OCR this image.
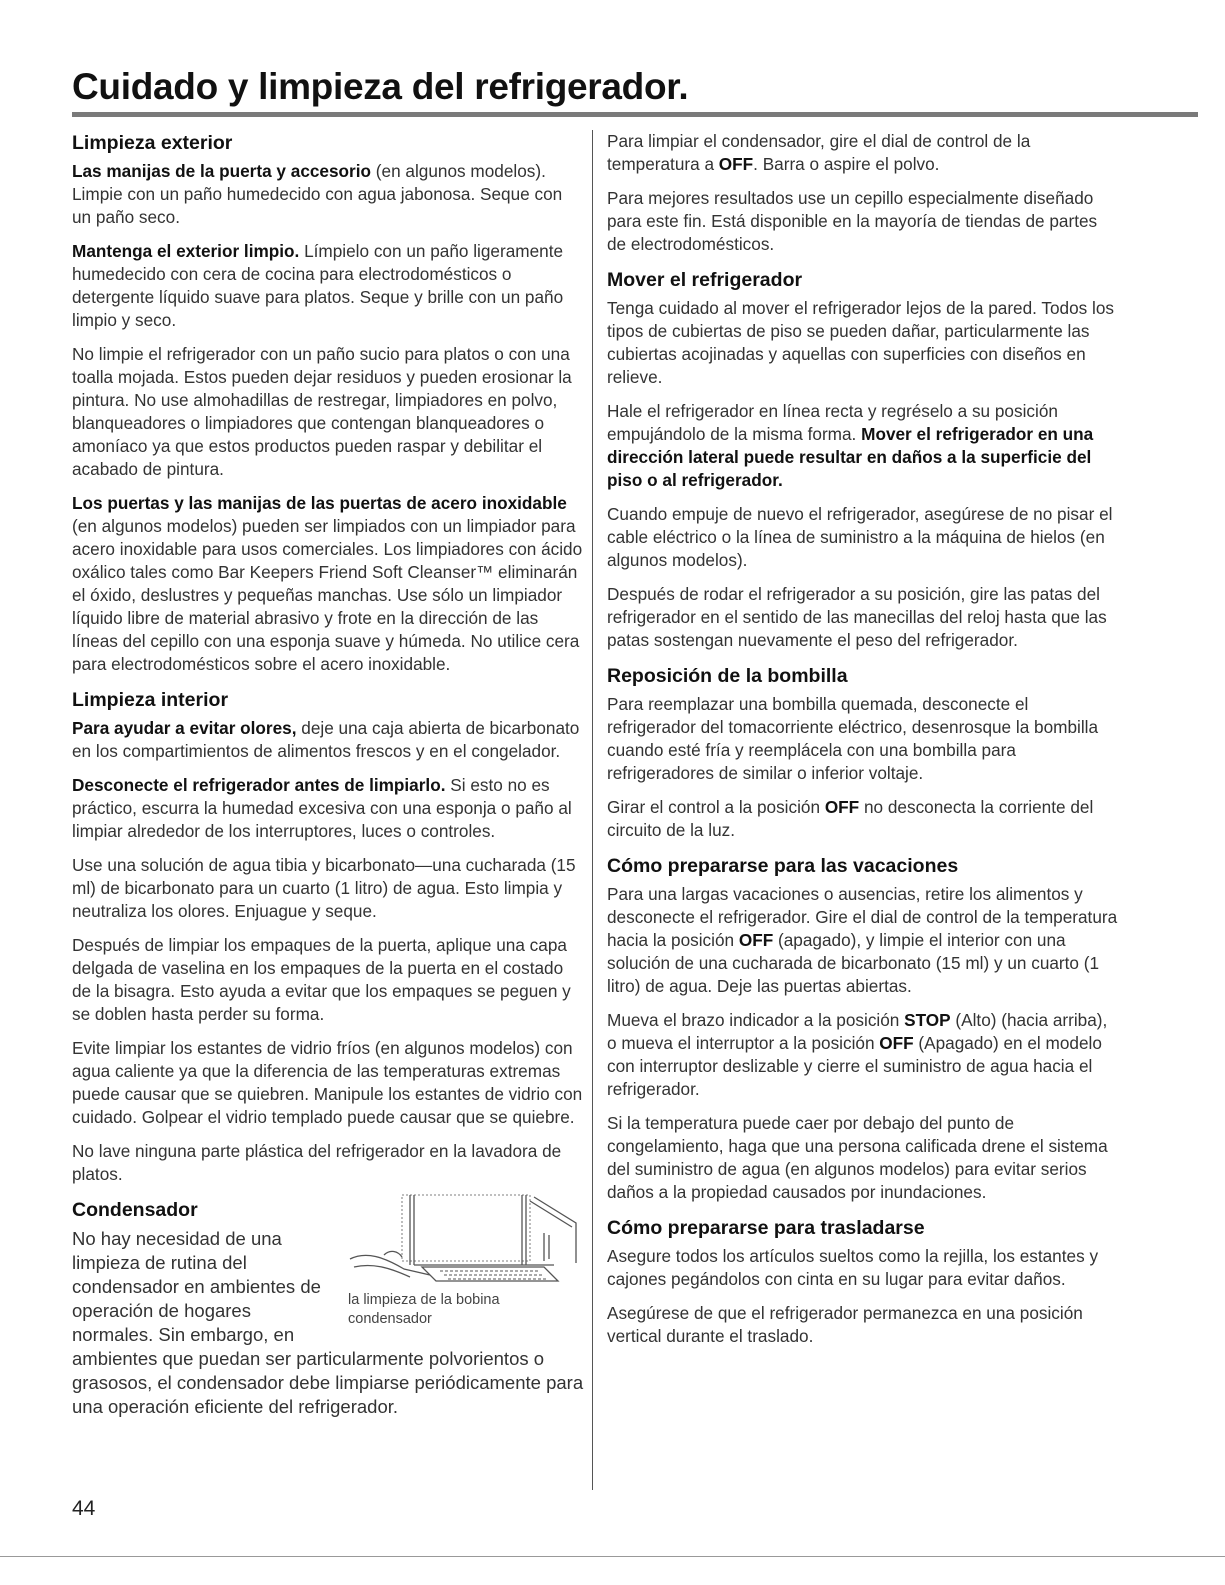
Cuidado y limpieza del refrigerador.
Limpieza exterior

Las manijas de la puerta y accesorio (en algunos modelos). Limpie con un paño humedecido con agua jabonosa. Seque con un paño seco.

Mantenga el exterior limpio. Límpielo con un paño ligeramente humedecido con cera de cocina para electrodomésticos o detergente líquido suave para platos. Seque y brille con un paño limpio y seco.

No limpie el refrigerador con un paño sucio para platos o con una toalla mojada. Estos pueden dejar residuos y pueden erosionar la pintura. No use almohadillas de restregar, limpiadores en polvo, blanqueadores o limpiadores que contengan blanqueadores o amoníaco ya que estos productos pueden raspar y debilitar el acabado de pintura.

Los puertas y las manijas de las puertas de acero inoxidable (en algunos modelos) pueden ser limpiados con un limpiador para acero inoxidable para usos comerciales. Los limpiadores con ácido oxálico tales como Bar Keepers Friend Soft Cleanser™ eliminarán el óxido, deslustres y pequeñas manchas. Use sólo un limpiador líquido libre de material abrasivo y frote en la dirección de las líneas del cepillo con una esponja suave y húmeda. No utilice cera para electrodomésticos sobre el acero inoxidable.

Limpieza interior

Para ayudar a evitar olores, deje una caja abierta de bicarbonato en los compartimientos de alimentos frescos y en el congelador.

Desconecte el refrigerador antes de limpiarlo. Si esto no es práctico, escurra la humedad excesiva con una esponja o paño al limpiar alrededor de los interruptores, luces o controles.

Use una solución de agua tibia y bicarbonato—una cucharada (15 ml) de bicarbonato para un cuarto (1 litro) de agua. Esto limpia y neutraliza los olores. Enjuague y seque.

Después de limpiar los empaques de la puerta, aplique una capa delgada de vaselina en los empaques de la puerta en el costado de la bisagra. Esto ayuda a evitar que los empaques se peguen y se doblen hasta perder su forma.

Evite limpiar los estantes de vidrio fríos (en algunos modelos) con agua caliente ya que la diferencia de las temperaturas extremas puede causar que se quiebren. Manipule los estantes de vidrio con cuidado. Golpear el vidrio templado puede causar que se quiebre.

No lave ninguna parte plástica del refrigerador en la lavadora de platos.

Condensador
la limpieza de la bobina condensador

No hay necesidad de una limpieza de rutina del condensador en ambientes de operación de hogares normales. Sin embargo, en ambientes que puedan ser particularmente polvorientos o grasosos, el condensador debe limpiarse periódicamente para una operación eficiente del refrigerador.

Para limpiar el condensador, gire el dial de control de la temperatura a OFF. Barra o aspire el polvo.

Para mejores resultados use un cepillo especialmente diseñado para este fin. Está disponible en la mayoría de tiendas de partes de electrodomésticos.

Mover el refrigerador

Tenga cuidado al mover el refrigerador lejos de la pared. Todos los tipos de cubiertas de piso se pueden dañar, particularmente las cubiertas acojinadas y aquellas con superficies con diseños en relieve.

Hale el refrigerador en línea recta y regréselo a su posición empujándolo de la misma forma. Mover el refrigerador en una dirección lateral puede resultar en daños a la superficie del piso o al refrigerador.

Cuando empuje de nuevo el refrigerador, asegúrese de no pisar el cable eléctrico o la línea de suministro a la máquina de hielos (en algunos modelos).

Después de rodar el refrigerador a su posición, gire las patas del refrigerador en el sentido de las manecillas del reloj hasta que las patas sostengan nuevamente el peso del refrigerador.

Reposición de la bombilla

Para reemplazar una bombilla quemada, desconecte el refrigerador del tomacorriente eléctrico, desenrosque la bombilla cuando esté fría y reemplácela con una bombilla para refrigeradores de similar o inferior voltaje.

Girar el control a la posición OFF no desconecta la corriente del circuito de la luz.

Cómo prepararse para las vacaciones

Para una largas vacaciones o ausencias, retire los alimentos y desconecte el refrigerador. Gire el dial de control de la temperatura hacia la posición OFF (apagado), y limpie el interior con una solución de una cucharada de bicarbonato (15 ml) y un cuarto (1 litro) de agua. Deje las puertas abiertas.

Mueva el brazo indicador a la posición STOP (Alto) (hacia arriba), o mueva el interruptor a la posición OFF (Apagado) en el modelo con interruptor deslizable y cierre el suministro de agua hacia el refrigerador.

Si la temperatura puede caer por debajo del punto de congelamiento, haga que una persona calificada drene el sistema del suministro de agua (en algunos modelos) para evitar serios daños a la propiedad causados por inundaciones.

Cómo prepararse para trasladarse

Asegure todos los artículos sueltos como la rejilla, los estantes y cajones pegándolos con cinta en su lugar para evitar daños.

Asegúrese de que el refrigerador permanezca en una posición vertical durante el traslado.

44
